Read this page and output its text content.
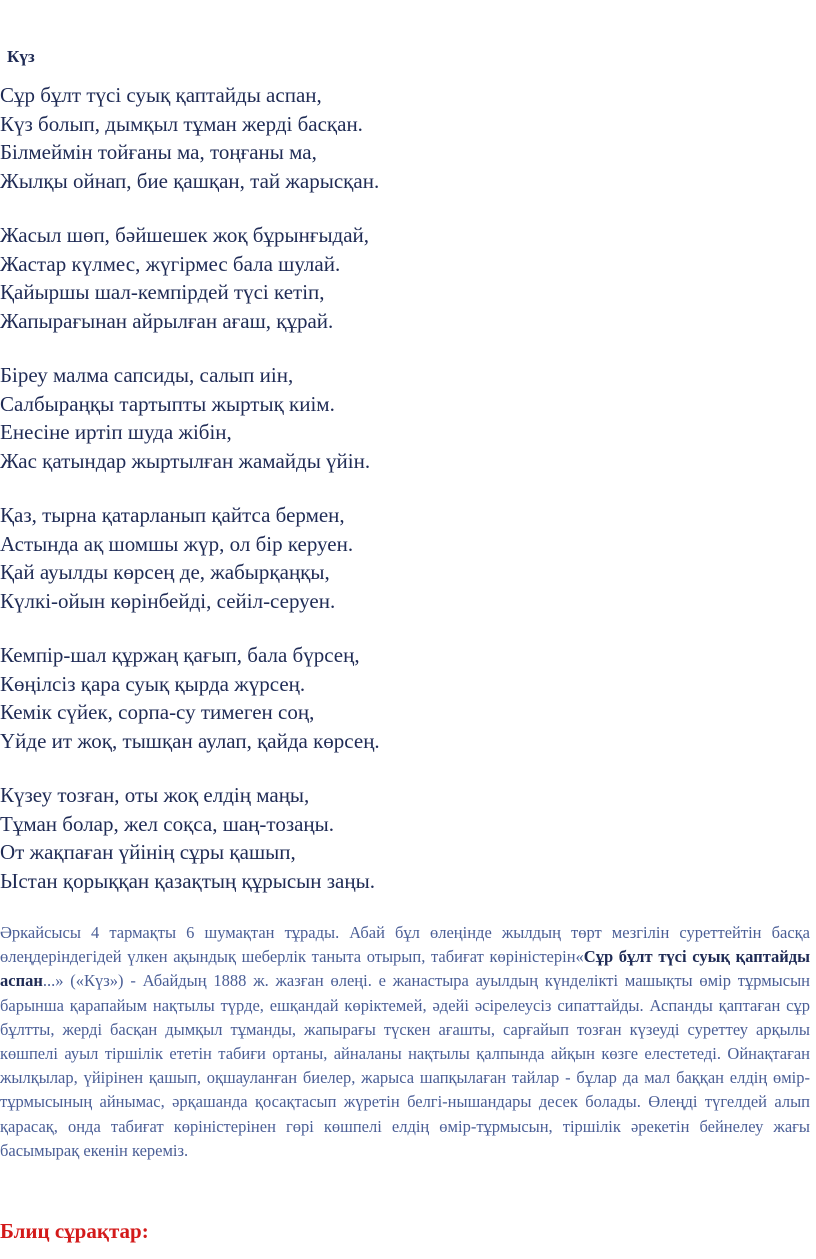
Күз
Сұр бұлт түсі суық қаптайды аспан,
Күз болып, дымқыл тұман жерді басқан.
Білмеймін тойғаны ма, тоңғаны ма,
Жылқы ойнап, бие қашқан, тай жарысқан.
Жасыл шөп, бәйшешек жоқ бұрынғыдай,
Жастар күлмес, жүгірмес бала шулай.
Қайыршы шал-кемпірдей түсі кетіп,
Жапырағынан айрылған ағаш, құрай.
Біреу малма сапсиды, салып иін,
Салбыраңқы тартыпты жыртық киім.
Енесіне иртіп шуда жібін,
Жас қатындар жыртылған жамайды үйін.
Қаз, тырна қатарланып қайтса бермен,
Астында ақ шомшы жүр, ол бір керуен.
Қай ауылды көрсең де, жабырқаңқы,
Күлкі-ойын көрінбейді, сейіл-серуен.
Кемпір-шал құржаң қағып, бала бүрсең,
Көңілсіз қара суық қырда жүрсең.
Кемік сүйек, сорпа-су тимеген соң,
Үйде ит жоқ, тышқан аулап, қайда көрсең.
Күзеу тозған, оты жоқ елдің маңы,
Тұман болар, жел соқса, шаң-тозаңы.
От жақпаған үйінің сұры қашып,
Ыстан қорыққан қазақтың құрысын заңы.
Әркайсысы 4 тармақты 6 шумақтан тұрады. Абай бұл өлеңінде жылдың төрт мезгілін суреттейтін басқа өлеңдеріндегідей үлкен ақындық шеберлік таныта отырып, табиғат көріністерін«Сұр бұлт түсі суық қаптайды аспан...» («Күз») - Абайдың 1888 ж. жазған өлеңі. е жанастыра ауылдың күнделікті машықты өмір тұрмысын барынша қарапайым нақтылы түрде, ешқандай көріктемей, әдейі әсірелеусіз сипаттайды. Аспанды қаптаған сұр бұлтты, жерді басқан дымқыл тұманды, жапырағы түскен ағашты, сарғайып тозған күзеуді суреттеу арқылы көшпелі ауыл тіршілік ететін табиғи ортаны, айналаны нақтылы қалпында айқын көзге елестетеді. Ойнақтаған жылқылар, үйірінен қашып, оқшауланған биелер, жарыса шапқылаған тайлар - бұлар да мал баққан елдің өмір-тұрмысының айнымас, әрқашанда қосақтасып жүретін белгі-нышандары десек болады. Өлеңді түгелдей алып қарасақ, онда табиғат көріністерінен гөрі көшпелі елдің өмір-тұрмысын, тіршілік әрекетін бейнелеу жағы басымырақ екенін кереміз.
Блиц сұрақтар:
